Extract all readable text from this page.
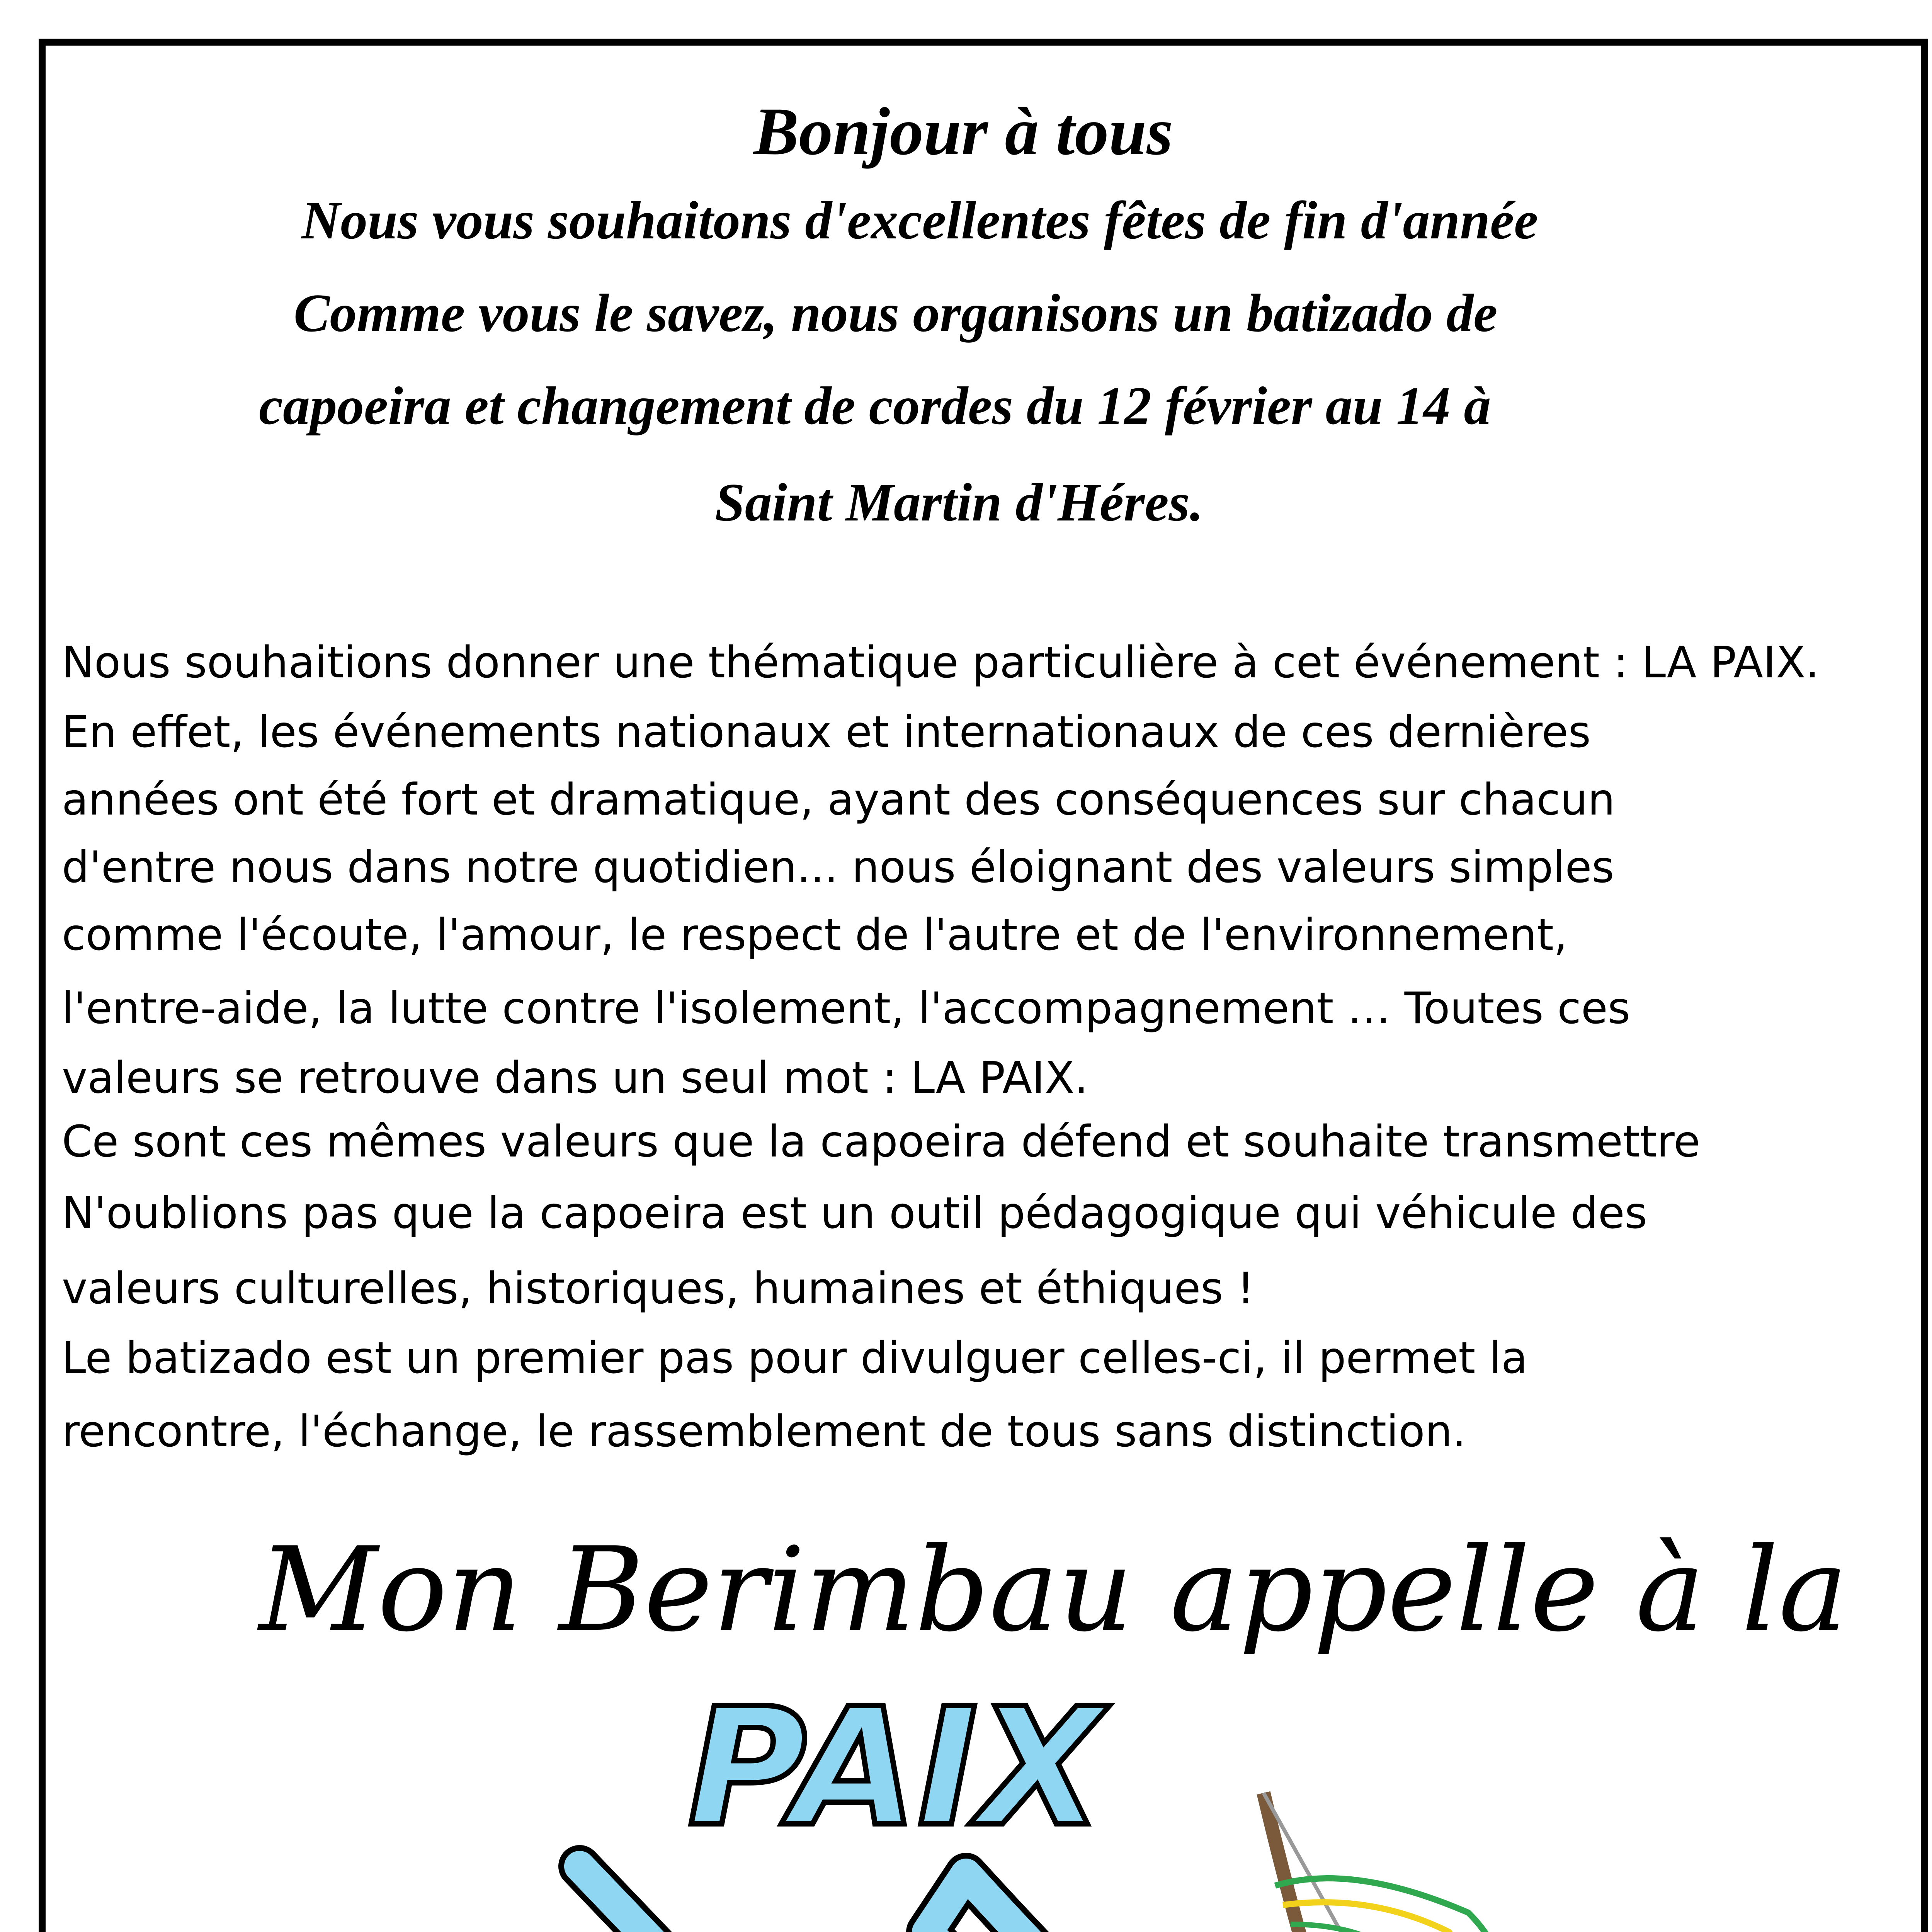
Bonjour à tous
Nous vous souhaitons d'excellentes fêtes de fin d'année
Comme vous le savez, nous organisons un batizado de
capoeira et changement de cordes du 12 février au 14 à
Saint Martin d'Héres.
Nous souhaitions donner une thématique particulière à cet événement : LA PAIX.
En effet, les événements nationaux et internationaux de ces dernières
années ont été fort et dramatique, ayant des conséquences sur chacun
d'entre nous dans notre quotidien... nous éloignant des valeurs simples
comme l'écoute, l'amour, le respect de l'autre et de l'environnement,
l'entre-aide, la lutte contre l'isolement, l'accompagnement … Toutes ces
valeurs se retrouve dans un seul mot : LA PAIX.
Ce sont ces mêmes valeurs que la capoeira défend et souhaite transmettre
N'oublions pas que la capoeira est un outil pédagogique qui véhicule des
valeurs culturelles, historiques, humaines et éthiques !
Le batizado est un premier pas pour divulguer celles-ci, il permet la
rencontre, l'échange, le rassemblement de tous sans distinction.
Mon Berimbau appelle à la
PAIX
